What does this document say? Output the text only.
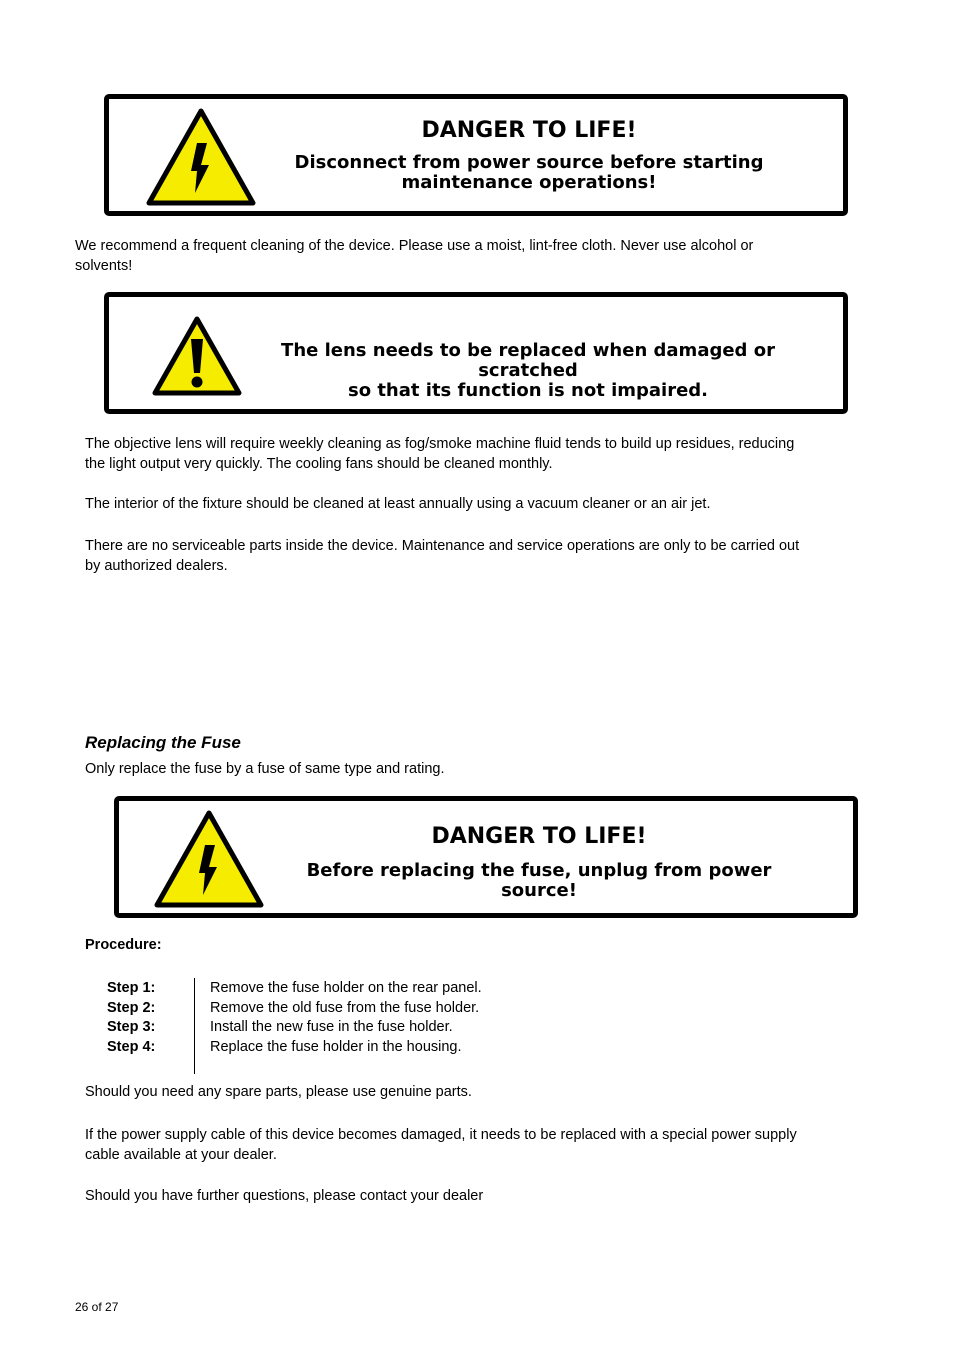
DANGER TO LIFE!
Disconnect from power source before starting
maintenance operations!

We recommend a frequent cleaning of the device. Please use a moist, lint-free cloth. Never use alcohol or
solvents!

The lens needs to be replaced when damaged or scratched
so that its function is not impaired.

The objective lens will require weekly cleaning as fog/smoke machine fluid tends to build up residues, reducing
the light output very quickly. The cooling fans should be cleaned monthly.

The interior of the fixture should be cleaned at least annually using a vacuum cleaner or an air jet.

There are no serviceable parts inside the device. Maintenance and service operations are only to be carried out
by authorized dealers.

Replacing the Fuse

Only replace the fuse by a fuse of same type and rating.

DANGER TO LIFE!
Before replacing the fuse, unplug from power source!

Procedure:

Step 1:	Remove the fuse holder on the rear panel.
Step 2:	Remove the old fuse from the fuse holder.
Step 3:	Install the new fuse in the fuse holder.
Step 4:	Replace the fuse holder in the housing.

Should you need any spare parts, please use genuine parts.

If the power supply cable of this device becomes damaged, it needs to be replaced with a special power supply
cable available at your dealer.

Should you have further questions, please contact your dealer

26 of 27
